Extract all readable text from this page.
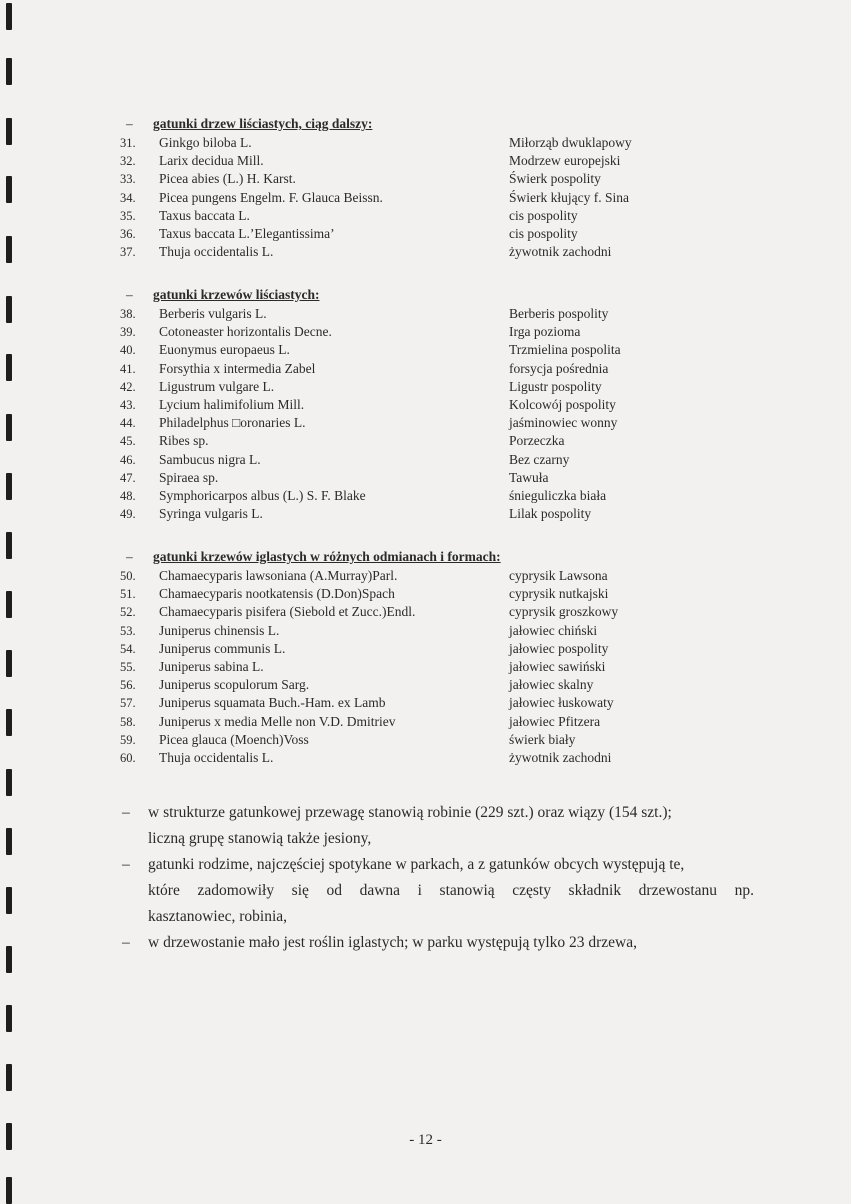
– gatunki drzew liściastych, ciąg dalszy:
31.	Ginkgo biloba L.	Miłorząb dwuklapowy
32.	Larix decidua Mill.	Modrzew europejski
33.	Picea abies (L.) H. Karst.	Świerk pospolity
34.	Picea pungens Engelm. F. Glauca Beissn.	Świerk kłujący f. Sina
35.	Taxus baccata L.	cis pospolity
36.	Taxus baccata L.’Elegantissima’	cis pospolity
37.	Thuja occidentalis L.	żywotnik zachodni
– gatunki krzewów liściastych:
38.	Berberis vulgaris L.	Berberis pospolity
39.	Cotoneaster horizontalis Decne.	Irga pozioma
40.	Euonymus europaeus L.	Trzmielina pospolita
41.	Forsythia x intermedia Zabel	forsycja pośrednia
42.	Ligustrum vulgare L.	Ligustr pospolity
43.	Lycium halimifolium Mill.	Kolcowój pospolity
44.	Philadelphus □oronaries L.	jaśminowiec wonny
45.	Ribes sp.	Porzeczka
46.	Sambucus nigra L.	Bez czarny
47.	Spiraea sp.	Tawuła
48.	Symphoricarpos albus (L.) S. F. Blake	śnieguliczka biała
49.	Syringa vulgaris L.	Lilak pospolity
– gatunki krzewów iglastych w różnych odmianach i formach:
50.	Chamaecyparis lawsoniana (A.Murray)Parl.	cyprysik Lawsona
51.	Chamaecyparis nootkatensis (D.Don)Spach	cyprysik nutkajski
52.	Chamaecyparis pisifera (Siebold et Zucc.)Endl.	cyprysik groszkowy
53.	Juniperus chinensis L.	jałowiec chiński
54.	Juniperus communis L.	jałowiec pospolity
55.	Juniperus sabina L.	jałowiec sawiński
56.	Juniperus scopulorum Sarg.	jałowiec skalny
57.	Juniperus squamata Buch.-Ham. ex Lamb	jałowiec łuskowaty
58.	Juniperus x media Melle non V.D. Dmitriev	jałowiec Pfitzera
59.	Picea glauca (Moench)Voss	świerk biały
60.	Thuja occidentalis L.	żywotnik zachodni
– w strukturze gatunkowej przewagę stanowią robinie (229 szt.) oraz wiązy (154 szt.);
liczną grupę stanowią także jesiony,
– gatunki rodzime, najczęściej spotykane w parkach, a z gatunków obcych występują te,
które zadomowiły się od dawna i stanowią częsty składnik drzewostanu np.
kasztanowiec, robinia,
– w drzewostanie mało jest roślin iglastych; w parku występują tylko 23 drzewa,
- 12 -
